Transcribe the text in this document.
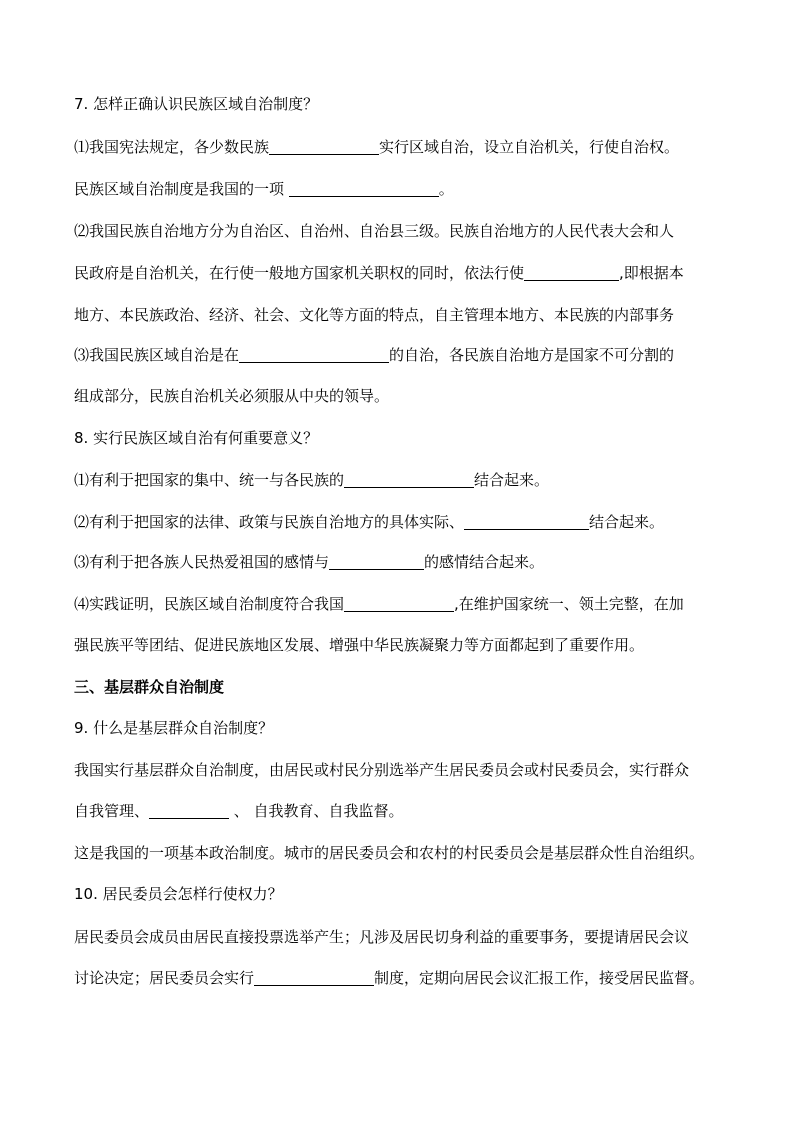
7. 怎样正确认识民族区域自治制度？
⑴我国宪法规定，各少数民族	实行区域自治，设立自治机关，行使自治权。
民族区域自治制度是我国的一项	。
⑵我国民族自治地方分为自治区、自治州、自治县三级。民族自治地方的人民代表大会和人
民政府是自治机关，在行使一般地方国家机关职权的同时，依法行使	,即根据本
地方、本民族政治、经济、社会、文化等方面的特点，自主管理本地方、本民族的内部事务
⑶我国民族区域自治是在	的自治，各民族自治地方是国家不可分割的
组成部分，民族自治机关必须服从中央的领导。
8. 实行民族区域自治有何重要意义？
⑴有利于把国家的集中、统一与各民族的	结合起来。
⑵有利于把国家的法律、政策与民族自治地方的具体实际、	结合起来。
⑶有利于把各族人民热爱祖国的感情与	的感情结合起来。
⑷实践证明，民族区域自治制度符合我国	,在维护国家统一、领土完整，在加
强民族平等团结、促进民族地区发展、增强中华民族凝聚力等方面都起到了重要作用。
三、基层群众自治制度
9. 什么是基层群众自治制度？
我国实行基层群众自治制度，由居民或村民分别选举产生居民委员会或村民委员会，实行群众
自我管理、	、 自我教育、自我监督。
这是我国的一项基本政治制度。城市的居民委员会和农村的村民委员会是基层群众性自治组织。
10. 居民委员会怎样行使权力？
居民委员会成员由居民直接投票选举产生；凡涉及居民切身利益的重要事务，要提请居民会议
讨论决定；居民委员会实行	制度，定期向居民会议汇报工作，接受居民监督。
